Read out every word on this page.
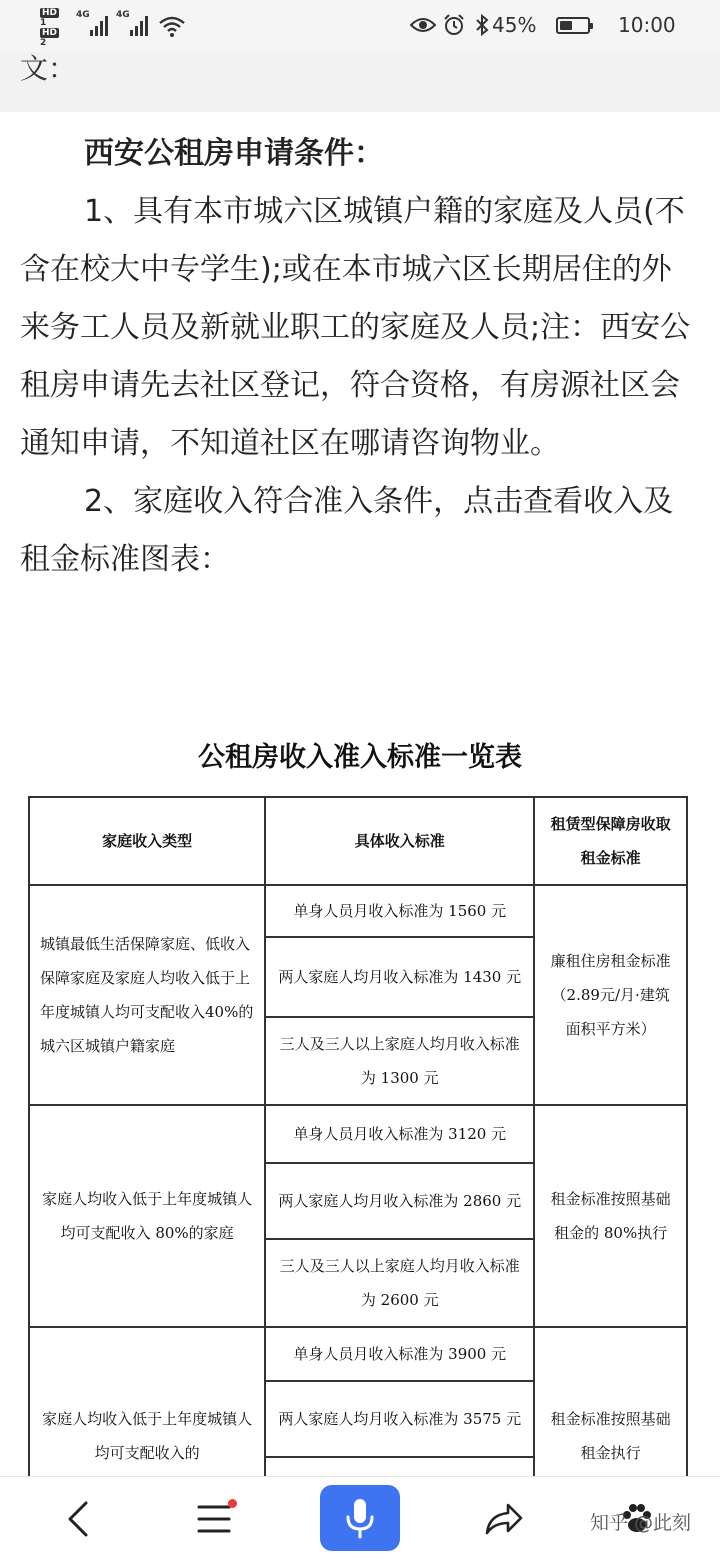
HD1
HD2
4G	4G	45%	10:00
文：

西安公租房申请条件：

1、具有本市城六区城镇户籍的家庭及人员(不含在校大中专学生);或在本市城六区长期居住的外来务工人员及新就业职工的家庭及人员;注：西安公租房申请先去社区登记，符合资格，有房源社区会通知申请，不知道社区在哪请咨询物业。

2、家庭收入符合准入条件，点击查看收入及租金标准图表：

公租房收入准入标准一览表
家庭收入类型	具体收入标准	租赁型保障房收取租金标准
城镇最低生活保障家庭、低收入保障家庭及家庭人均收入低于上年度城镇人均可支配收入40%的城六区城镇户籍家庭	单身人员月收入标准为 1560 元	廉租住房租金标准（2.89元/月·建筑面积平方米）
	两人家庭人均月收入标准为 1430 元	
	三人及三人以上家庭人均月收入标准为 1300 元	
家庭人均收入低于上年度城镇人均可支配收入 80%的家庭	单身人员月收入标准为 3120 元	租金标准按照基础租金的 80%执行
	两人家庭人均月收入标准为 2860 元	
	三人及三人以上家庭人均月收入标准为 2600 元	
家庭人均收入低于上年度城镇人均可支配收入的	单身人员月收入标准为 3900 元	租金标准按照基础租金执行
	两人家庭人均月收入标准为 3575 元	

知乎 @此刻
